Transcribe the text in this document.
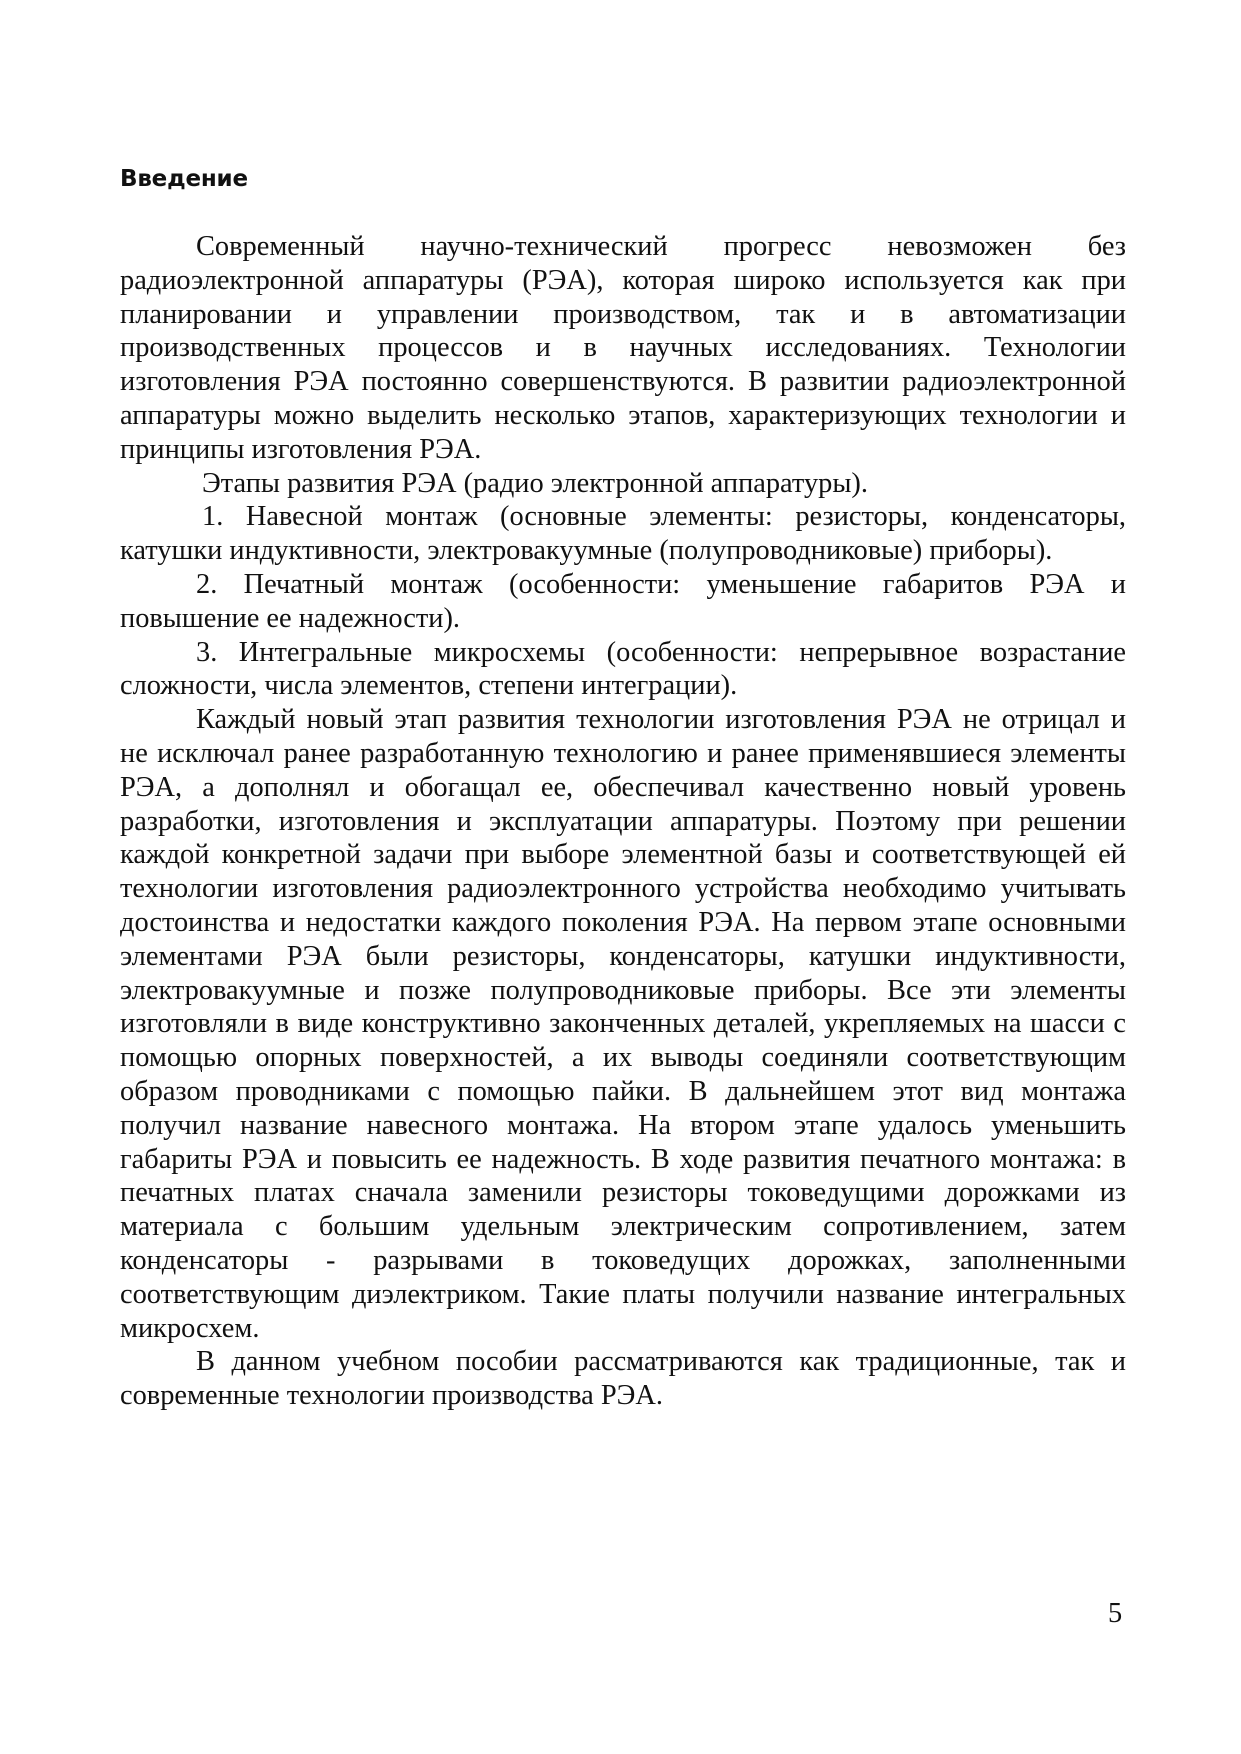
Введение

Современный научно-технический прогресс невозможен без радиоэлектронной аппаратуры (РЭА), которая широко используется как при планировании и управлении производством, так и в автоматизации производственных процессов и в научных исследованиях. Технологии изготовления РЭА постоянно совершенствуются. В развитии радиоэлектронной аппаратуры можно выделить несколько этапов, характеризующих технологии и принципы изготовления РЭА.

Этапы развития РЭА (радио электронной аппаратуры).

1. Навесной монтаж (основные элементы: резисторы, конденсаторы, катушки индуктивности, электровакуумные (полупроводниковые) приборы).

2. Печатный монтаж (особенности: уменьшение габаритов РЭА и повышение ее надежности).

3. Интегральные микросхемы (особенности: непрерывное возрастание сложности, числа элементов, степени интеграции).

Каждый новый этап развития технологии изготовления РЭА не отрицал и не исключал ранее разработанную технологию и ранее применявшиеся элементы РЭА, а дополнял и обогащал ее, обеспечивал качественно новый уровень разработки, изготовления и эксплуатации аппаратуры. Поэтому при решении каждой конкретной задачи при выборе элементной базы и соответствующей ей технологии изготовления радиоэлектронного устройства необходимо учитывать достоинства и недостатки каждого поколения РЭА. На первом этапе основными элементами РЭА были резисторы, конденсаторы, катушки индуктивности, электровакуумные и позже полупроводниковые приборы. Все эти элементы изготовляли в виде конструктивно законченных деталей, укрепляемых на шасси с помощью опорных поверхностей, а их выводы соединяли соответствующим образом проводниками с помощью пайки. В дальнейшем этот вид монтажа получил название навесного монтажа. На втором этапе удалось уменьшить габариты РЭА и повысить ее надежность. В ходе развития печатного монтажа: в печатных платах сначала заменили резисторы токоведущими дорожками из материала с большим удельным электрическим сопротивлением, затем конденсаторы - разрывами в токоведущих дорожках, заполненными соответствующим диэлектриком. Такие платы получили название интегральных микросхем.

В данном учебном пособии рассматриваются как традиционные, так и современные технологии производства РЭА.

5
